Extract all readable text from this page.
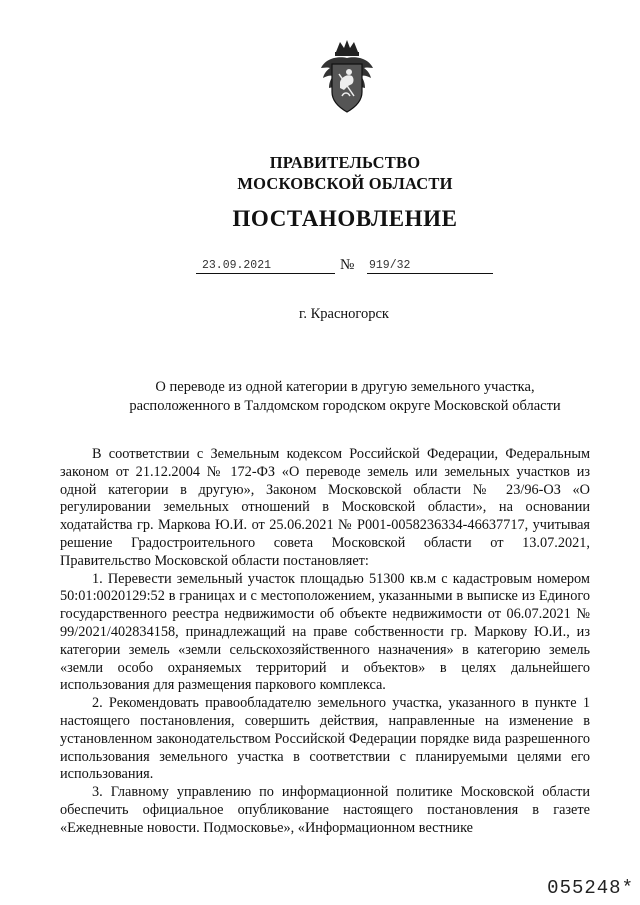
ПРАВИТЕЛЬСТВО
МОСКОВСКОЙ ОБЛАСТИ
ПОСТАНОВЛЕНИЕ
23.09.2021	№ 919/32
г. Красногорск
О переводе из одной категории в другую земельного участка,
расположенного в Талдомском городском округе Московской области

В соответствии с Земельным кодексом Российской Федерации, Федеральным законом от 21.12.2004 № 172-ФЗ «О переводе земель или земельных участков из одной категории в другую», Законом Московской области № 23/96-ОЗ «О регулировании земельных отношений в Московской области», на основании ходатайства гр. Маркова Ю.И. от 25.06.2021 № Р001-0058236334-46637717, учитывая решение Градостроительного совета Московской области от 13.07.2021, Правительство Московской области постановляет:

1. Перевести земельный участок площадью 51300 кв.м с кадастровым номером 50:01:0020129:52 в границах и с местоположением, указанными в выписке из Единого государственного реестра недвижимости об объекте недвижимости от 06.07.2021 № 99/2021/402834158, принадлежащий на праве собственности гр. Маркову Ю.И., из категории земель «земли сельскохозяйственного назначения» в категорию земель «земли особо охраняемых территорий и объектов» в целях дальнейшего использования для размещения паркового комплекса.

2. Рекомендовать правообладателю земельного участка, указанного в пункте 1 настоящего постановления, совершить действия, направленные на изменение в установленном законодательством Российской Федерации порядке вида разрешенного использования земельного участка в соответствии с планируемыми целями его использования.

3. Главному управлению по информационной политике Московской области обеспечить официальное опубликование настоящего постановления в газете «Ежедневные новости. Подмосковье», «Информационном вестнике

055248*
